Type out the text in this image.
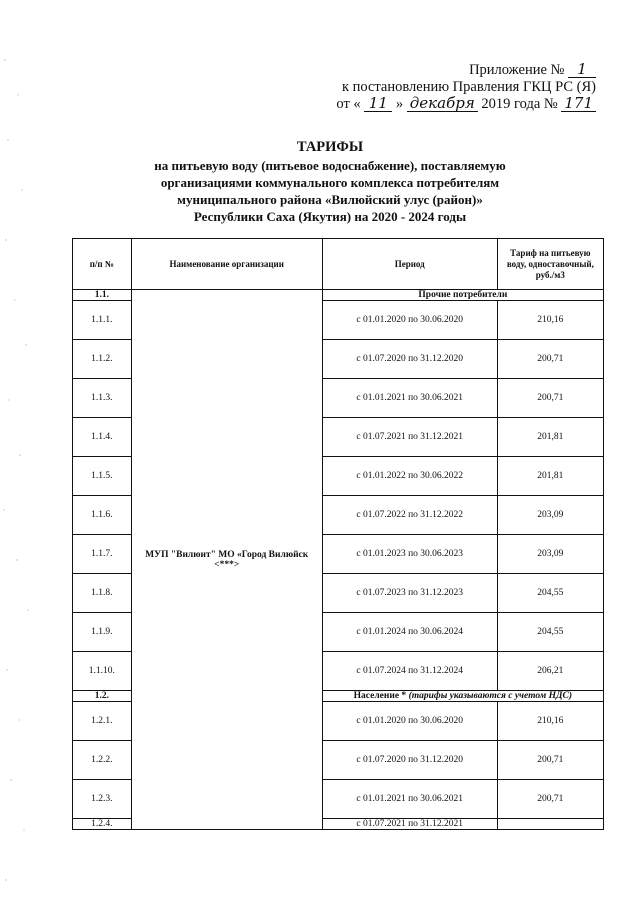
Приложение № 1
к постановлению Правления ГКЦ РС (Я)
от « 11 » декабря 2019 года № 171
ТАРИФЫ
на питьевую воду (питьевое водоснабжение), поставляемую
организациями коммунального комплекса потребителям
муниципального района «Вилюйский улус (район)»
Республики Саха (Якутия) на 2020 - 2024 годы
п/п №	Наименование организации	Период	Тариф на питьевую воду, одноставочный, руб./м3
1.1.	МУП "Вилюит" МО «Город Вилюйск
<***>	Прочие потребители	
1.1.1.		с 01.01.2020 по 30.06.2020	210,16
1.1.2.		с 01.07.2020 по 31.12.2020	200,71
1.1.3.		с 01.01.2021 по 30.06.2021	200,71
1.1.4.		с 01.07.2021 по 31.12.2021	201,81
1.1.5.		с 01.01.2022 по 30.06.2022	201,81
1.1.6.		с 01.07.2022 по 31.12.2022	203,09
1.1.7.		с 01.01.2023 по 30.06.2023	203,09
1.1.8.		с 01.07.2023 по 31.12.2023	204,55
1.1.9.		с 01.01.2024 по 30.06.2024	204,55
1.1.10.		с 01.07.2024 по 31.12.2024	206,21
1.2.		Население * (тарифы указываются с учетом НДС)	
1.2.1.		с 01.01.2020 по 30.06.2020	210,16
1.2.2.		с 01.07.2020 по 31.12.2020	200,71
1.2.3.		с 01.01.2021 по 30.06.2021	200,71
1.2.4.		с 01.07.2021 по 31.12.2021	
